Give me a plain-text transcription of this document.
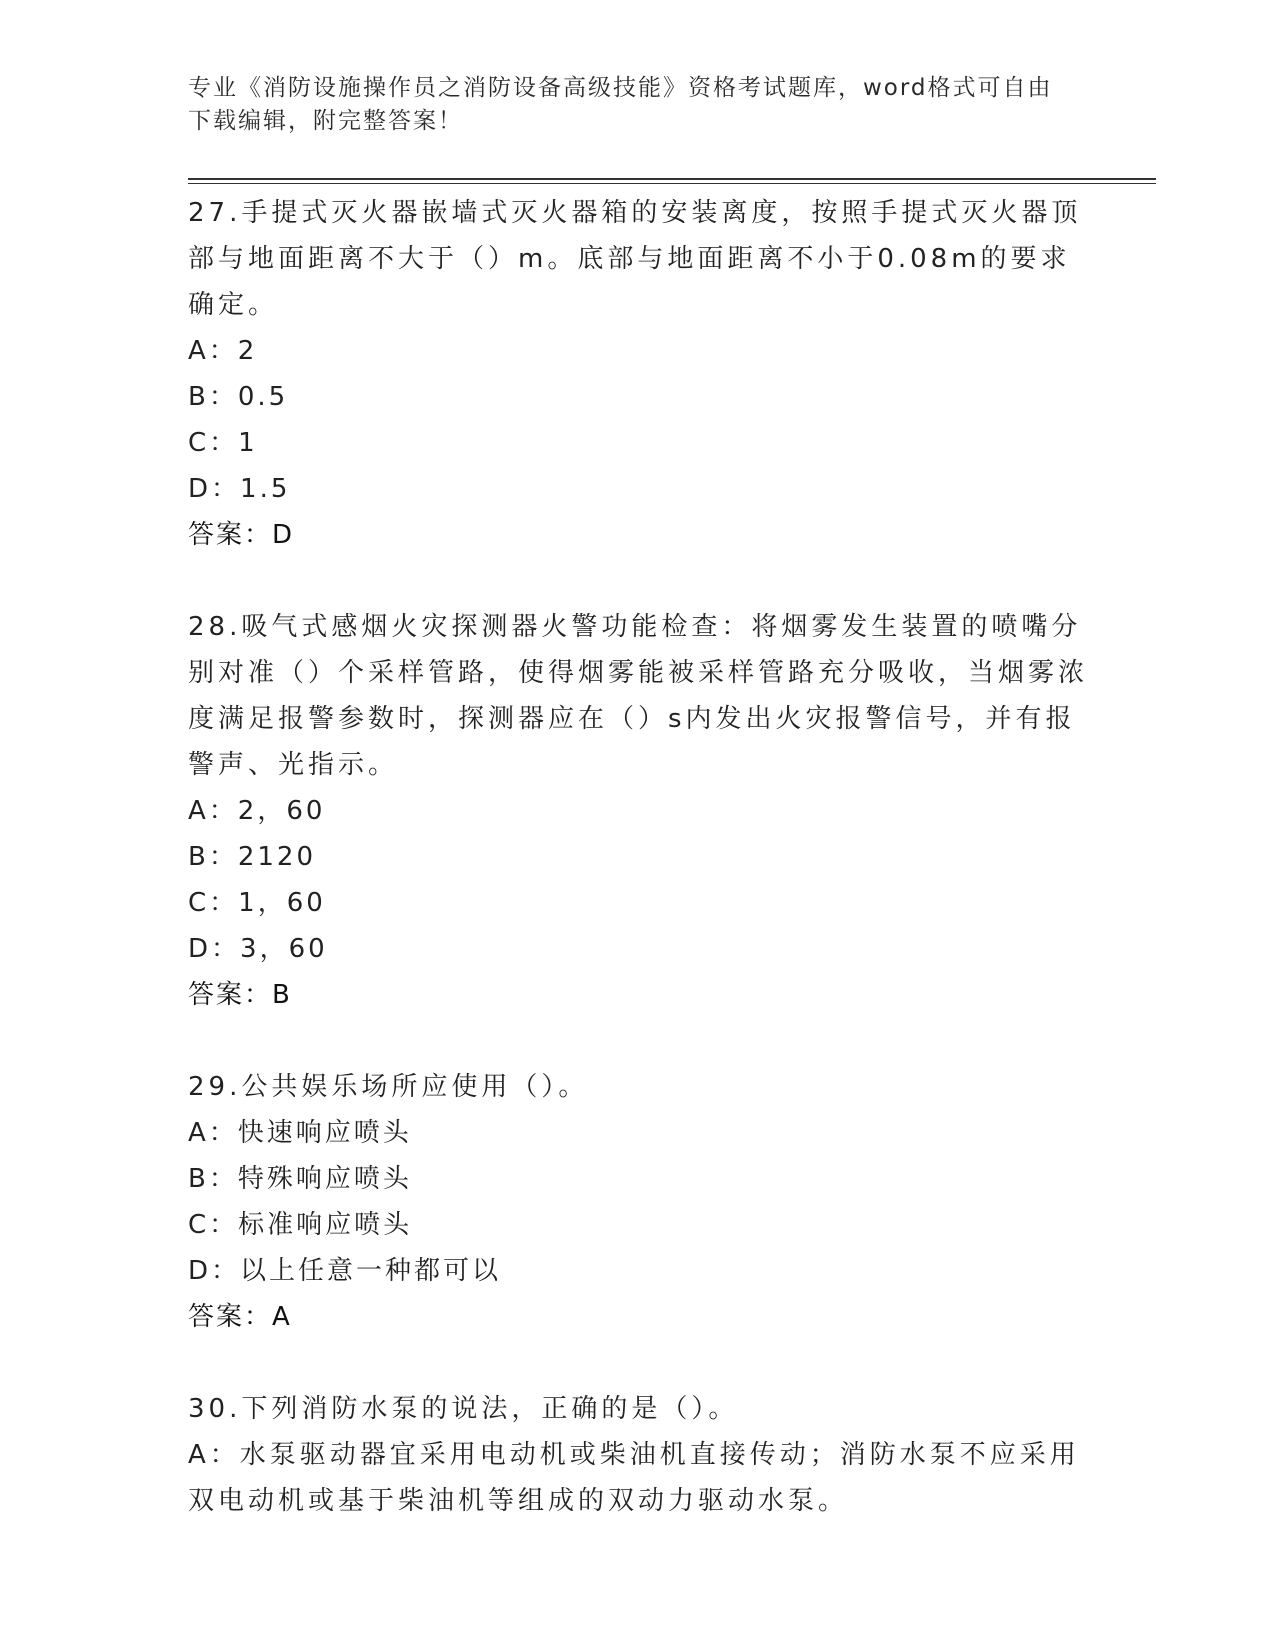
专业《消防设施操作员之消防设备高级技能》资格考试题库，word格式可自由下载编辑，附完整答案！
27.手提式灭火器嵌墙式灭火器箱的安装离度，按照手提式灭火器顶部与地面距离不大于（）m。底部与地面距离不小于0.08m的要求确定。
A：2
B：0.5
C：1
D：1.5
答案：D
28.吸气式感烟火灾探测器火警功能检查：将烟雾发生装置的喷嘴分别对准（）个采样管路，使得烟雾能被采样管路充分吸收，当烟雾浓度满足报警参数时，探测器应在（）s内发出火灾报警信号，并有报警声、光指示。
A：2，60
B：2120
C：1，60
D：3，60
答案：B
29.公共娱乐场所应使用（）。
A：快速响应喷头
B：特殊响应喷头
C：标准响应喷头
D：以上任意一种都可以
答案：A
30.下列消防水泵的说法，正确的是（）。
A：水泵驱动器宜采用电动机或柴油机直接传动；消防水泵不应采用双电动机或基于柴油机等组成的双动力驱动水泵。
